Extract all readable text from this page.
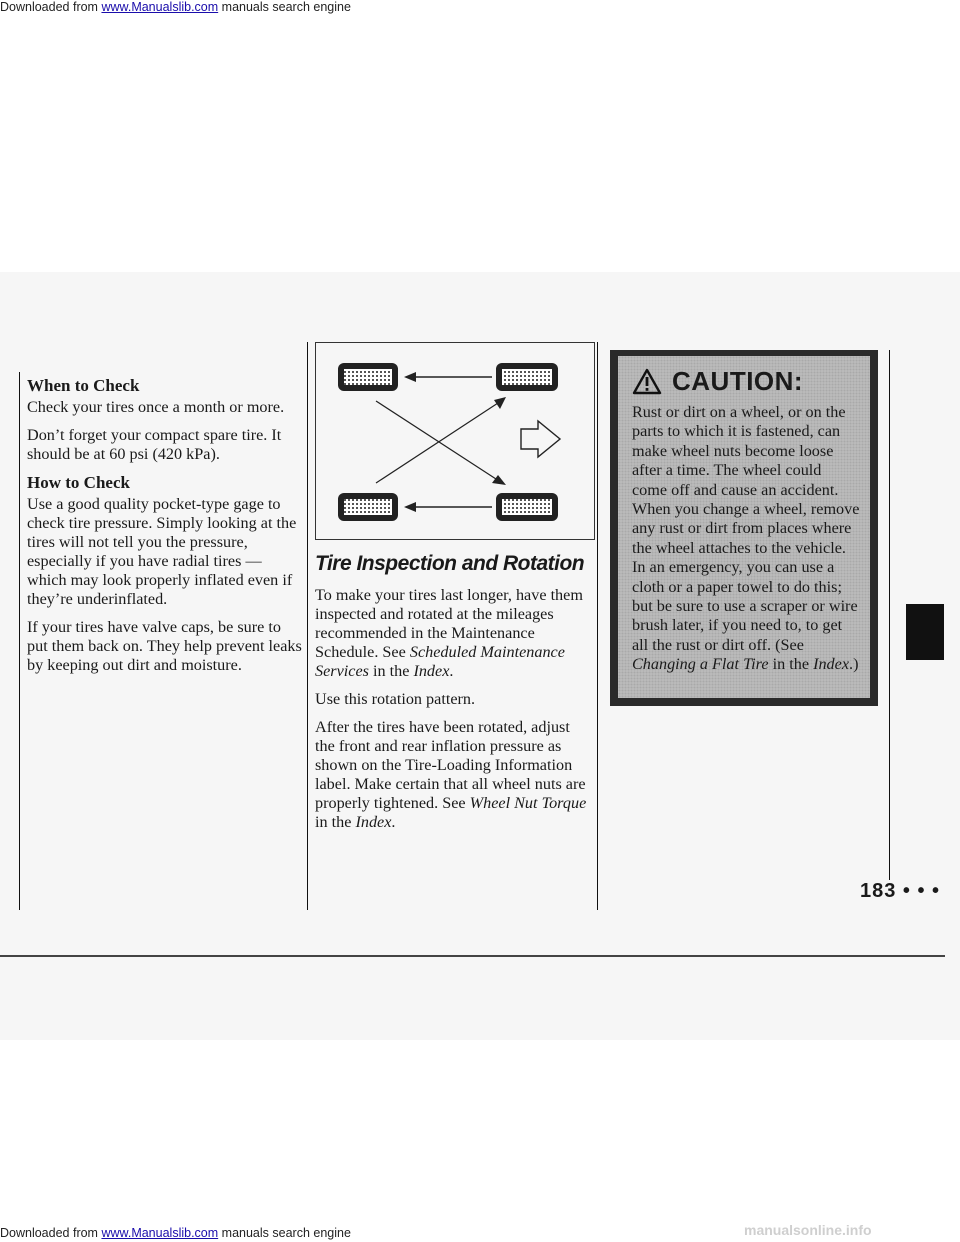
Downloaded from www.Manualslib.com manuals search engine
When to Check

Check your tires once a month or more.

Don’t forget your compact spare tire. It should be at 60 psi (420 kPa).

How to Check

Use a good quality pocket-type gage to check tire pressure. Simply looking at the tires will not tell you the pressure, especially if you have radial tires — which may look properly inflated even if they’re underinflated.

If your tires have valve caps, be sure to put them back on. They help prevent leaks by keeping out dirt and moisture.

Tire Inspection and Rotation

To make your tires last longer, have them inspected and rotated at the mileages recommended in the Maintenance Schedule. See Scheduled Maintenance Services in the Index.

Use this rotation pattern.

After the tires have been rotated, adjust the front and rear inflation pressure as shown on the Tire-Loading Information label. Make certain that all wheel nuts are properly tightened. See Wheel Nut Torque in the Index.

CAUTION:
Rust or dirt on a wheel, or on the parts to which it is fastened, can make wheel nuts become loose after a time. The wheel could come off and cause an accident. When you change a wheel, remove any rust or dirt from places where the wheel attaches to the vehicle. In an emergency, you can use a cloth or a paper towel to do this; but be sure to use a scraper or wire brush later, if you need to, to get all the rust or dirt off. (See Changing a Flat Tire in the Index.)
183 • • •
Downloaded from www.Manualslib.com manuals search engine	manualsonline.info
